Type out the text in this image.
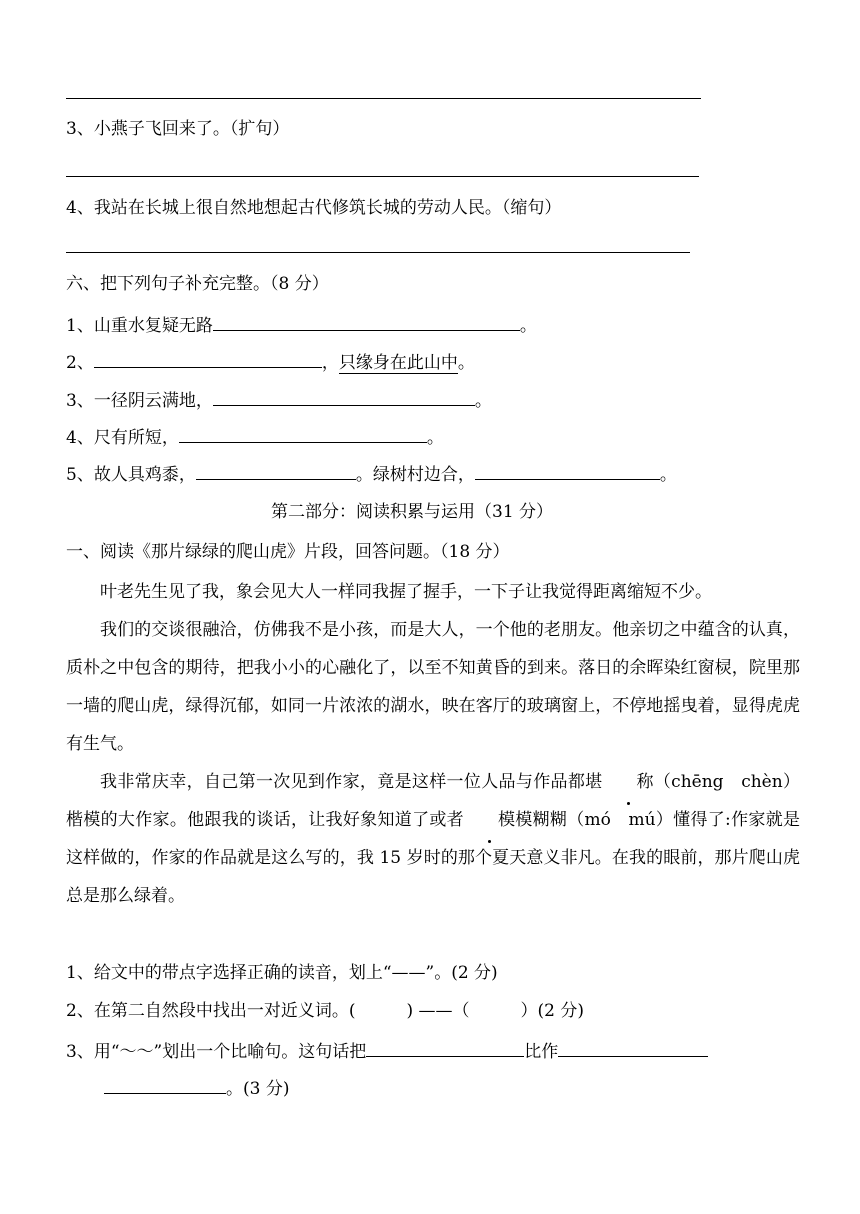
3、小燕子飞回来了。（扩句）
4、我站在长城上很自然地想起古代修筑长城的劳动人民。（缩句）
六、把下列句子补充完整。（8 分）
1、山重水复疑无路	。
2、	，只缘身在此山中。
3、一径阴云满地，	。
4、尺有所短，	。
5、故人具鸡黍，	。绿树村边合，	。
第二部分：阅读积累与运用（31 分）
一、阅读《那片绿绿的爬山虎》片段，回答问题。（18 分）

叶老先生见了我，象会见大人一样同我握了握手，一下子让我觉得距离缩短不少。

我们的交谈很融洽，仿佛我不是小孩，而是大人，一个他的老朋友。他亲切之中蕴含的认真，质朴之中包含的期待，把我小小的心融化了，以至不知黄昏的到来。落日的余晖染红窗棂，院里那一墙的爬山虎，绿得沉郁，如同一片浓浓的湖水，映在客厅的玻璃窗上，不停地摇曳着，显得虎虎有生气。

我非常庆幸，自己第一次见到作家，竟是这样一位人品与作品都堪 称（chēng　chèn）楷模的大作家。他跟我的谈话，让我好象知道了或者 模模糊糊（mó　mú）懂得了:作家就是这样做的，作家的作品就是这么写的，我 15 岁时的那个夏天意义非凡。在我的眼前，那片爬山虎总是那么绿着。

1、给文中的带点字选择正确的读音，划上“——”。(2 分)
2、在第二自然段中找出一对近义词。(　　　) ——（　　　）(2 分)
3、用“～～”划出一个比喻句。这句话把	比作
。(3 分)
